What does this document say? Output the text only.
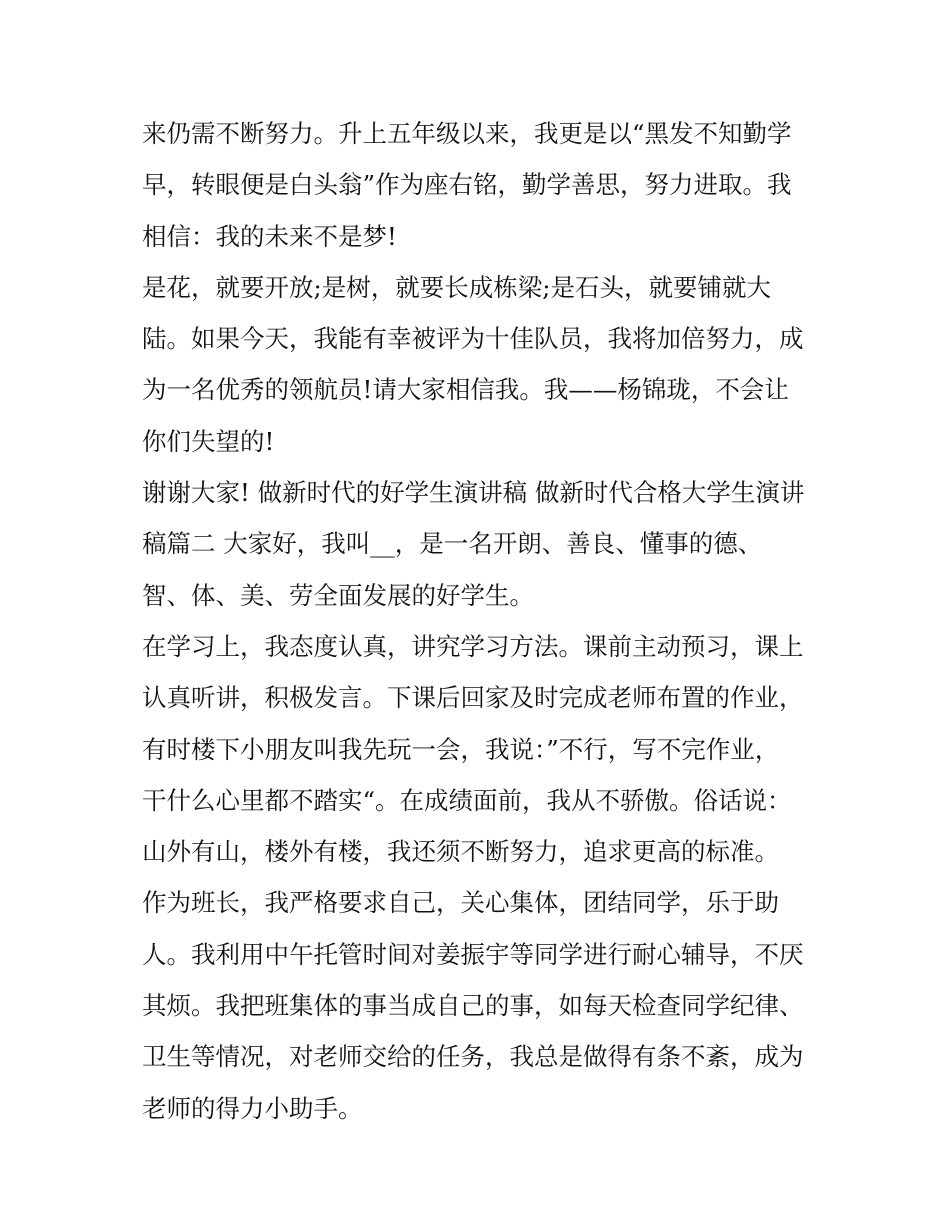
来仍需不断努力。升上五年级以来，我更是以“黑发不知勤学
早，转眼便是白头翁”作为座右铭，勤学善思，努力进取。我
相信：我的未来不是梦!
是花，就要开放;是树，就要长成栋梁;是石头，就要铺就大
陆。如果今天，我能有幸被评为十佳队员，我将加倍努力，成
为一名优秀的领航员!请大家相信我。我——杨锦珑，不会让
你们失望的!
谢谢大家! 做新时代的好学生演讲稿 做新时代合格大学生演讲
稿篇二 大家好，我叫__，是一名开朗、善良、懂事的德、
智、体、美、劳全面发展的好学生。
在学习上，我态度认真，讲究学习方法。课前主动预习，课上
认真听讲，积极发言。下课后回家及时完成老师布置的作业，
有时楼下小朋友叫我先玩一会，我说：”不行，写不完作业，
干什么心里都不踏实“。在成绩面前，我从不骄傲。俗话说：
山外有山，楼外有楼，我还须不断努力，追求更高的标准。
作为班长，我严格要求自己，关心集体，团结同学，乐于助
人。我利用中午托管时间对姜振宇等同学进行耐心辅导，不厌
其烦。我把班集体的事当成自己的事，如每天检查同学纪律、
卫生等情况，对老师交给的任务，我总是做得有条不紊，成为
老师的得力小助手。
